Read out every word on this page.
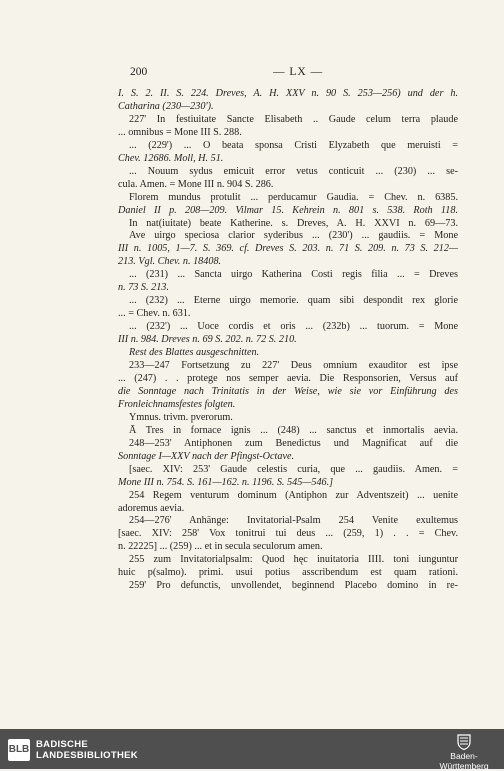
200	— LX —

I. S. 2. II. S. 224. Dreves, A. H. XXV n. 90 S. 253—256) und der h.

Catharina (230—230').

227' In festiuitate Sancte Elisabeth .. Gaude celum terra plaude

... omnibus = Mone III S. 288.

... (229') ... O beata sponsa Cristi Elyzabeth que meruisti =

Chev. 12686. Moll, H. 51.

... Nouum sydus emicuit error vetus conticuit ... (230) ... se-

cula. Amen. = Mone III n. 904 S. 286.

Florem mundus protulit ... perducamur Gaudia. = Chev. n. 6385.

Daniel II p. 208—209. Vilmar 15. Kehrein n. 801 s. 538. Roth 118.

In nat(iuitate) beate Katherine. s. Dreves, A. H. XXVI n. 69—73.

Ave uirgo speciosa clarior syderibus ... (230') ... gaudiis. = Mone

III n. 1005, 1—7. S. 369. cf. Dreves S. 203. n. 71 S. 209. n. 73 S. 212—

213. Vgl. Chev. n. 18408.

... (231) ... Sancta uirgo Katherina Costi regis filia ... = Dreves

n. 73 S. 213.

... (232) ... Eterne uirgo memorie. quam sibi despondit rex glorie

... = Chev. n. 631.

... (232') ... Uoce cordis et oris ... (232b) ... tuorum. = Mone

III n. 984. Dreves n. 69 S. 202. n. 72 S. 210.

Rest des Blattes ausgeschnitten.

233—247 Fortsetzung zu 227' Deus omnium exauditor est ipse

... (247) . . protege nos semper aevia. Die Responsorien, Versus auf

die Sonntage nach Trinitatis in der Weise, wie sie vor Einführung des

Fronleichnamsfestes folgten.

Ymnus. trivm. pverorum.

Ā Tres in fornace ignis ... (248) ... sanctus et inmortalis aevia.

248—253' Antiphonen zum Benedictus und Magnificat auf die

Sonntage I—XXV nach der Pfingst-Octave.

[saec. XIV: 253' Gaude celestis curia, que ... gaudiis. Amen. =

Mone III n. 754. S. 161—162. n. 1196. S. 545—546.]

254 Regem venturum dominum (Antiphon zur Adventszeit) ... uenite

adoremus aevia.

254—276' Anhänge: Invitatorial-Psalm 254 Venite exultemus

[saec. XIV: 258' Vox tonitrui tui deus ... (259, 1) . . = Chev.

n. 22225] ... (259) ... et in secula seculorum amen.

255 zum Invitatorialpsalm: Quod hęc inuitatoria IIII. toni iunguntur

huic p(salmo). primi. usui potius asscribendum est quam rationi.

259' Pro defunctis, unvollendet, beginnend Placebo domino in re-

BLB BADISCHE
LANDESBIBLIOTHEK	Baden-Württemberg
